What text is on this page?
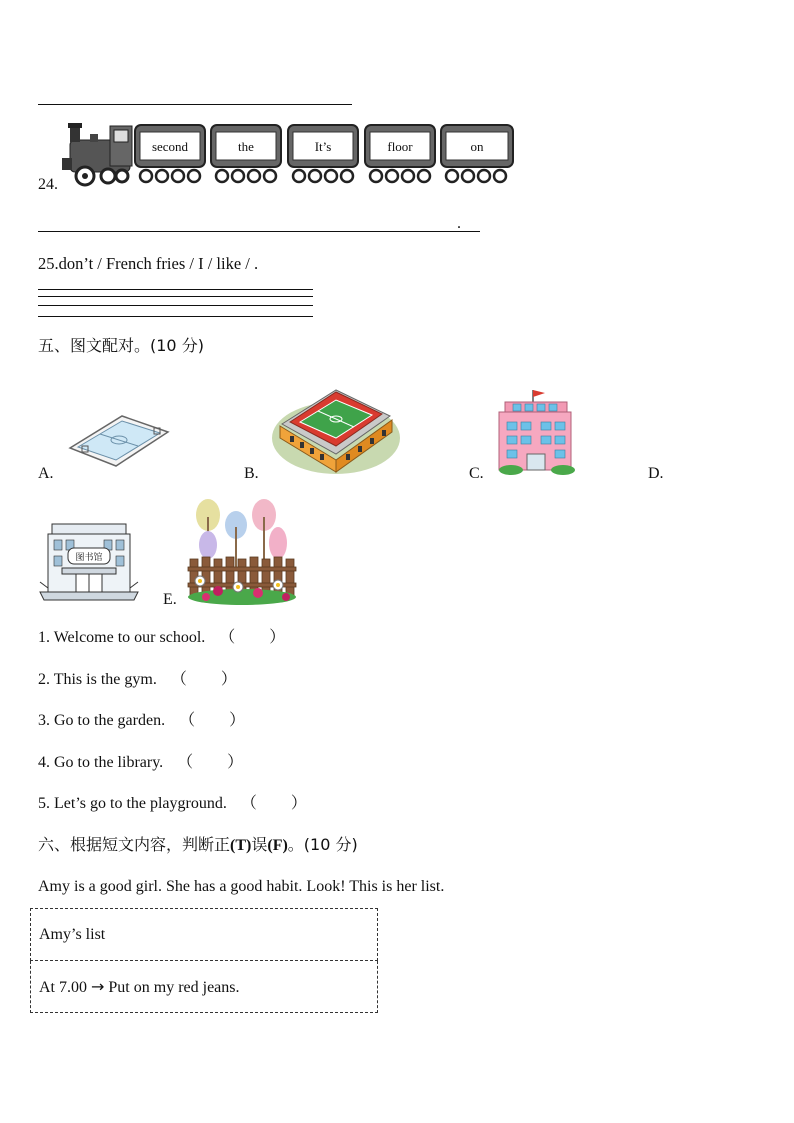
24.
second	the	It’s	floor	on
.
25.don’t / French fries / I / like / .
五、图文配对。(10 分)
A.	B.	C.	D.
图书馆
E.
1. Welcome to our school. （ ）
2. This is the gym. （ ）
3. Go to the garden. （ ）
4. Go to the library. （ ）
5. Let’s go to the playground. （ ）
六、根据短文内容，判断正(T)误(F)。(10 分)
Amy is a good girl. She has a good habit. Look! This is her list.
Amy’s list
At 7.00 → Put on my red jeans.
